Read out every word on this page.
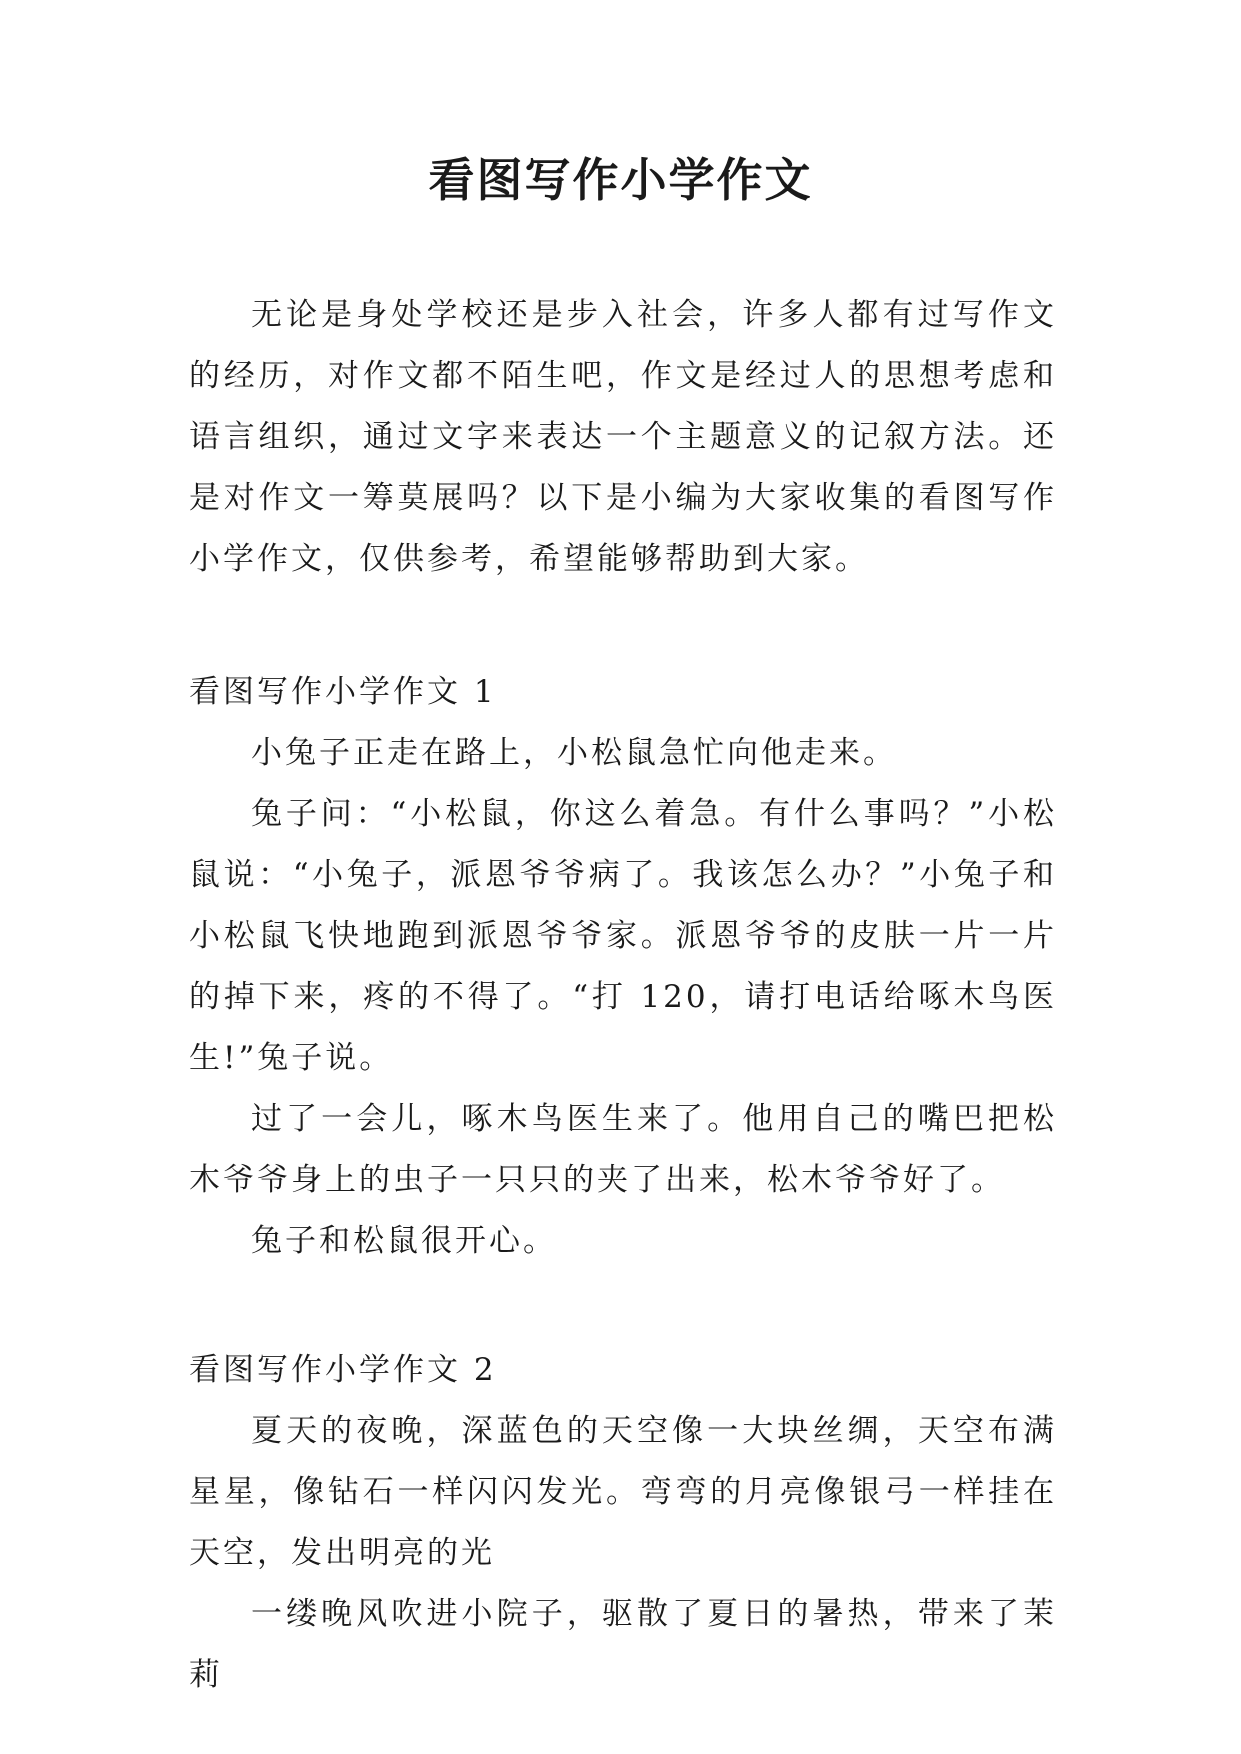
看图写作小学作文

无论是身处学校还是步入社会，许多人都有过写作文的经历，对作文都不陌生吧，作文是经过人的思想考虑和语言组织，通过文字来表达一个主题意义的记叙方法。还是对作文一筹莫展吗？以下是小编为大家收集的看图写作小学作文，仅供参考，希望能够帮助到大家。

看图写作小学作文 1

小兔子正走在路上，小松鼠急忙向他走来。

兔子问：“小松鼠，你这么着急。有什么事吗？”小松鼠说：“小兔子，派恩爷爷病了。我该怎么办？”小兔子和小松鼠飞快地跑到派恩爷爷家。派恩爷爷的皮肤一片一片的掉下来，疼的不得了。“打 120，请打电话给啄木鸟医生!”兔子说。

过了一会儿，啄木鸟医生来了。他用自己的嘴巴把松木爷爷身上的虫子一只只的夹了出来，松木爷爷好了。

兔子和松鼠很开心。

看图写作小学作文 2

夏天的夜晚，深蓝色的天空像一大块丝绸，天空布满星星，像钻石一样闪闪发光。弯弯的月亮像银弓一样挂在天空，发出明亮的光

一缕晚风吹进小院子，驱散了夏日的暑热，带来了茉莉
